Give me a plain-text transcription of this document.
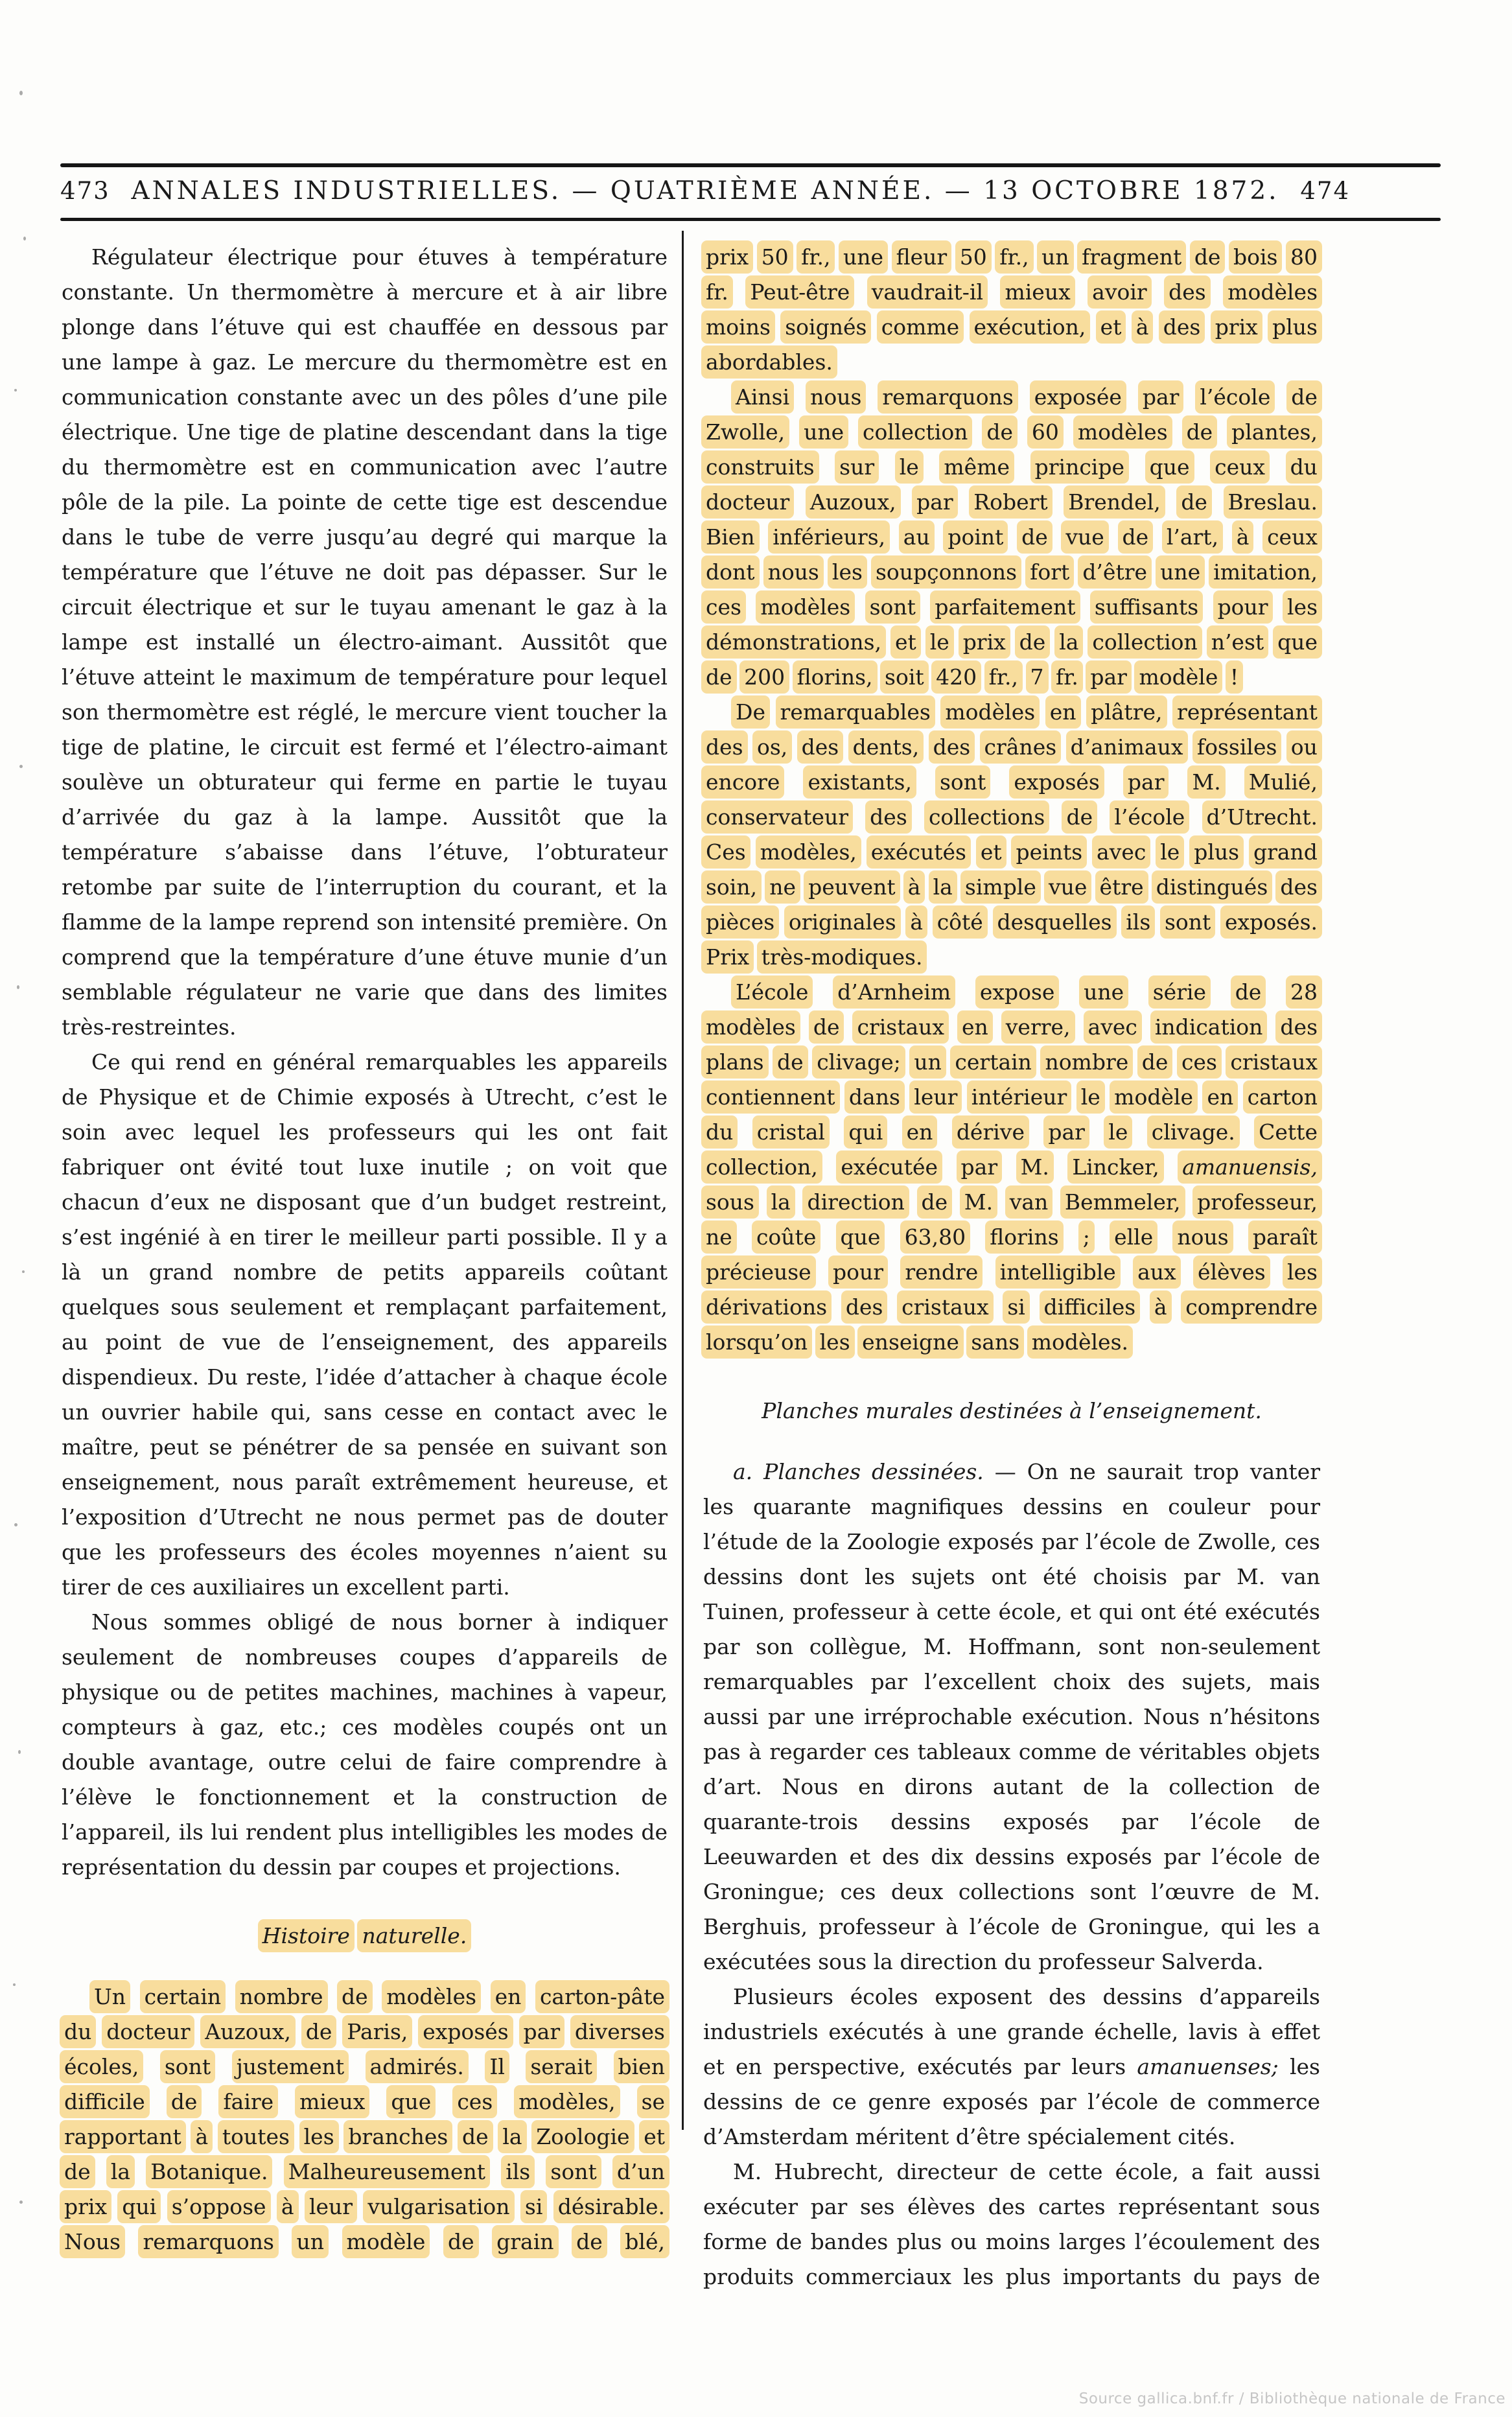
473 ANNALES INDUSTRIELLES. — QUATRIÈME ANNÉE. — 13 OCTOBRE 1872. 474

Régulateur électrique pour étuves à température constante. Un thermomètre à mercure et à air libre plonge dans l’étuve qui est chauffée en dessous par une lampe à gaz. Le mercure du thermomètre est en communication constante avec un des pôles d’une pile électrique. Une tige de platine descendant dans la tige du thermomètre est en communication avec l’autre pôle de la pile. La pointe de cette tige est descendue dans le tube de verre jusqu’au degré qui marque la température que l’étuve ne doit pas dépasser. Sur le circuit électrique et sur le tuyau amenant le gaz à la lampe est installé un électro-aimant. Aussitôt que l’étuve atteint le maximum de température pour lequel son thermomètre est réglé, le mercure vient toucher la tige de platine, le circuit est fermé et l’électro-aimant soulève un obturateur qui ferme en partie le tuyau d’arrivée du gaz à la lampe. Aussitôt que la température s’abaisse dans l’étuve, l’obturateur retombe par suite de l’interruption du courant, et la flamme de la lampe reprend son intensité première. On comprend que la température d’une étuve munie d’un semblable régulateur ne varie que dans des limites très-restreintes.

Ce qui rend en général remarquables les appareils de Physique et de Chimie exposés à Utrecht, c’est le soin avec lequel les professeurs qui les ont fait fabriquer ont évité tout luxe inutile ; on voit que chacun d’eux ne disposant que d’un budget restreint, s’est ingénié à en tirer le meilleur parti possible. Il y a là un grand nombre de petits appareils coûtant quelques sous seulement et remplaçant parfaitement, au point de vue de l’enseignement, des appareils dispendieux. Du reste, l’idée d’attacher à chaque école un ouvrier habile qui, sans cesse en contact avec le maître, peut se pénétrer de sa pensée en suivant son enseignement, nous paraît extrêmement heureuse, et l’exposition d’Utrecht ne nous permet pas de douter que les professeurs des écoles moyennes n’aient su tirer de ces auxiliaires un excellent parti.

Nous sommes obligé de nous borner à indiquer seulement de nombreuses coupes d’appareils de physique ou de petites machines, machines à vapeur, compteurs à gaz, etc.; ces modèles coupés ont un double avantage, outre celui de faire comprendre à l’élève le fonctionnement et la construction de l’appareil, ils lui rendent plus intelligibles les modes de représentation du dessin par coupes et projections.

Histoire naturelle.

Un certain nombre de modèles en carton-pâte du docteur Auzoux, de Paris, exposés par diverses écoles, sont justement admirés. Il serait bien difficile de faire mieux que ces modèles, se rapportant à toutes les branches de la Zoologie et de la Botanique. Malheureusement ils sont d’un prix qui s’oppose à leur vulgarisation si désirable. Nous remarquons un modèle de grain de blé,

prix 50 fr., une fleur 50 fr., un fragment de bois 80 fr. Peut-être vaudrait-il mieux avoir des modèles moins soignés comme exécution, et à des prix plus abordables.

Ainsi nous remarquons exposée par l’école de Zwolle, une collection de 60 modèles de plantes, construits sur le même principe que ceux du docteur Auzoux, par Robert Brendel, de Breslau. Bien inférieurs, au point de vue de l’art, à ceux dont nous les soupçonnons fort d’être une imitation, ces modèles sont parfaitement suffisants pour les démonstrations, et le prix de la collection n’est que de 200 florins, soit 420 fr., 7 fr. par modèle !

De remarquables modèles en plâtre, représentant des os, des dents, des crânes d’animaux fossiles ou encore existants, sont exposés par M. Mulié, conservateur des collections de l’école d’Utrecht. Ces modèles, exécutés et peints avec le plus grand soin, ne peuvent à la simple vue être distingués des pièces originales à côté desquelles ils sont exposés. Prix très-modiques.

L’école d’Arnheim expose une série de 28 modèles de cristaux en verre, avec indication des plans de clivage; un certain nombre de ces cristaux contiennent dans leur intérieur le modèle en carton du cristal qui en dérive par le clivage. Cette collection, exécutée par M. Lincker, amanuensis, sous la direction de M. van Bemmeler, professeur, ne coûte que 63,80 florins ; elle nous paraît précieuse pour rendre intelligible aux élèves les dérivations des cristaux si difficiles à comprendre lorsqu’on les enseigne sans modèles.

Planches murales destinées à l’enseignement.

a. Planches dessinées. — On ne saurait trop vanter les quarante magnifiques dessins en couleur pour l’étude de la Zoologie exposés par l’école de Zwolle, ces dessins dont les sujets ont été choisis par M. van Tuinen, professeur à cette école, et qui ont été exécutés par son collègue, M. Hoffmann, sont non-seulement remarquables par l’excellent choix des sujets, mais aussi par une irréprochable exécution. Nous n’hésitons pas à regarder ces tableaux comme de véritables objets d’art. Nous en dirons autant de la collection de quarante-trois dessins exposés par l’école de Leeuwarden et des dix dessins exposés par l’école de Groningue; ces deux collections sont l’œuvre de M. Berghuis, professeur à l’école de Groningue, qui les a exécutées sous la direction du professeur Salverda.

Plusieurs écoles exposent des dessins d’appareils industriels exécutés à une grande échelle, lavis à effet et en perspective, exécutés par leurs amanuenses; les dessins de ce genre exposés par l’école de commerce d’Amsterdam méritent d’être spécialement cités.

M. Hubrecht, directeur de cette école, a fait aussi exécuter par ses élèves des cartes représentant sous forme de bandes plus ou moins larges l’écoulement des produits commerciaux les plus importants du pays de

Source gallica.bnf.fr / Bibliothèque nationale de France
